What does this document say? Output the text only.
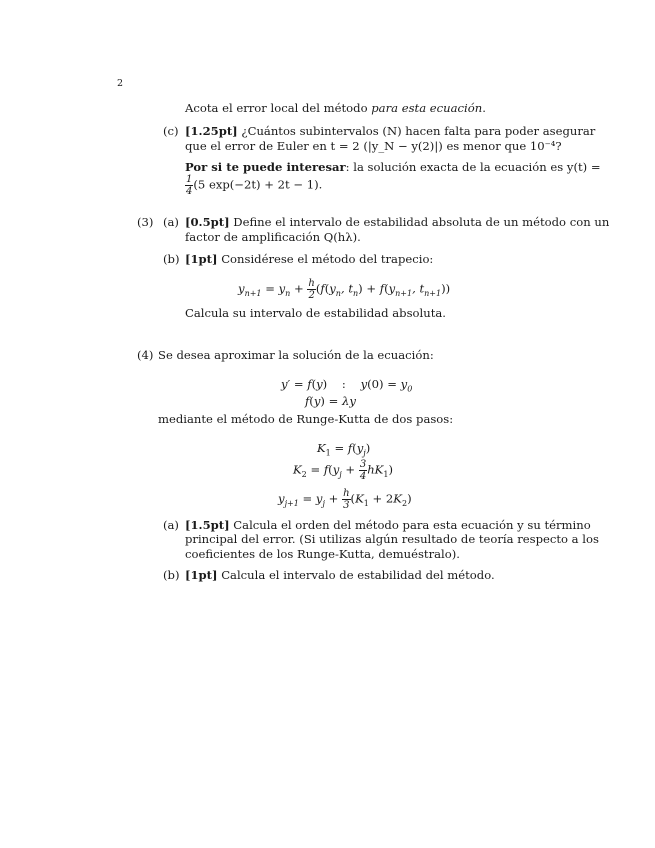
2
Acota el error local del método para esta ecuación.
(c) [1.25pt] ¿Cuántos subintervalos (N) hacen falta para poder asegurar
que el error de Euler en t = 2 (|y_N − y(2)|) es menor que 10⁻⁴?
Por si te puede interesar: la solución exacta de la ecuación es y(t) =
$\frac{1}{4} (5$ exp(−2t) + 2t − 1).
(3) (a) [0.5pt] Define el intervalo de estabilidad absoluta de un método con un
factor de amplificación Q(hλ).
(b) [1pt] Considérese el método del trapecio:
$y_{n+1} = y_n + \frac{h}{2} (f(y_n$, $t_n) + f(y_{n+1}$, $t_{n+1}$))
Calcula su intervalo de estabilidad absoluta.
(4) Se desea aproximar la solución de la ecuación:
y′ = f(y)    :    $y(0) = y_0$
f(y) = λy
mediante el método de Runge-Kutta de dos pasos:
$K_1 = f(y_j)$
$K_2 = f(y_j + \frac{3}{4} hK_1)$
$y_{j+1} = y_j + \frac{h}{3} (K_1 + 2K_2)$
(a) [1.5pt] Calcula el orden del método para esta ecuación y su término
principal del error. (Si utilizas algún resultado de teoría respecto a los
coeficientes de los Runge-Kutta, demuéstralo).
(b) [1pt] Calcula el intervalo de estabilidad del método.
